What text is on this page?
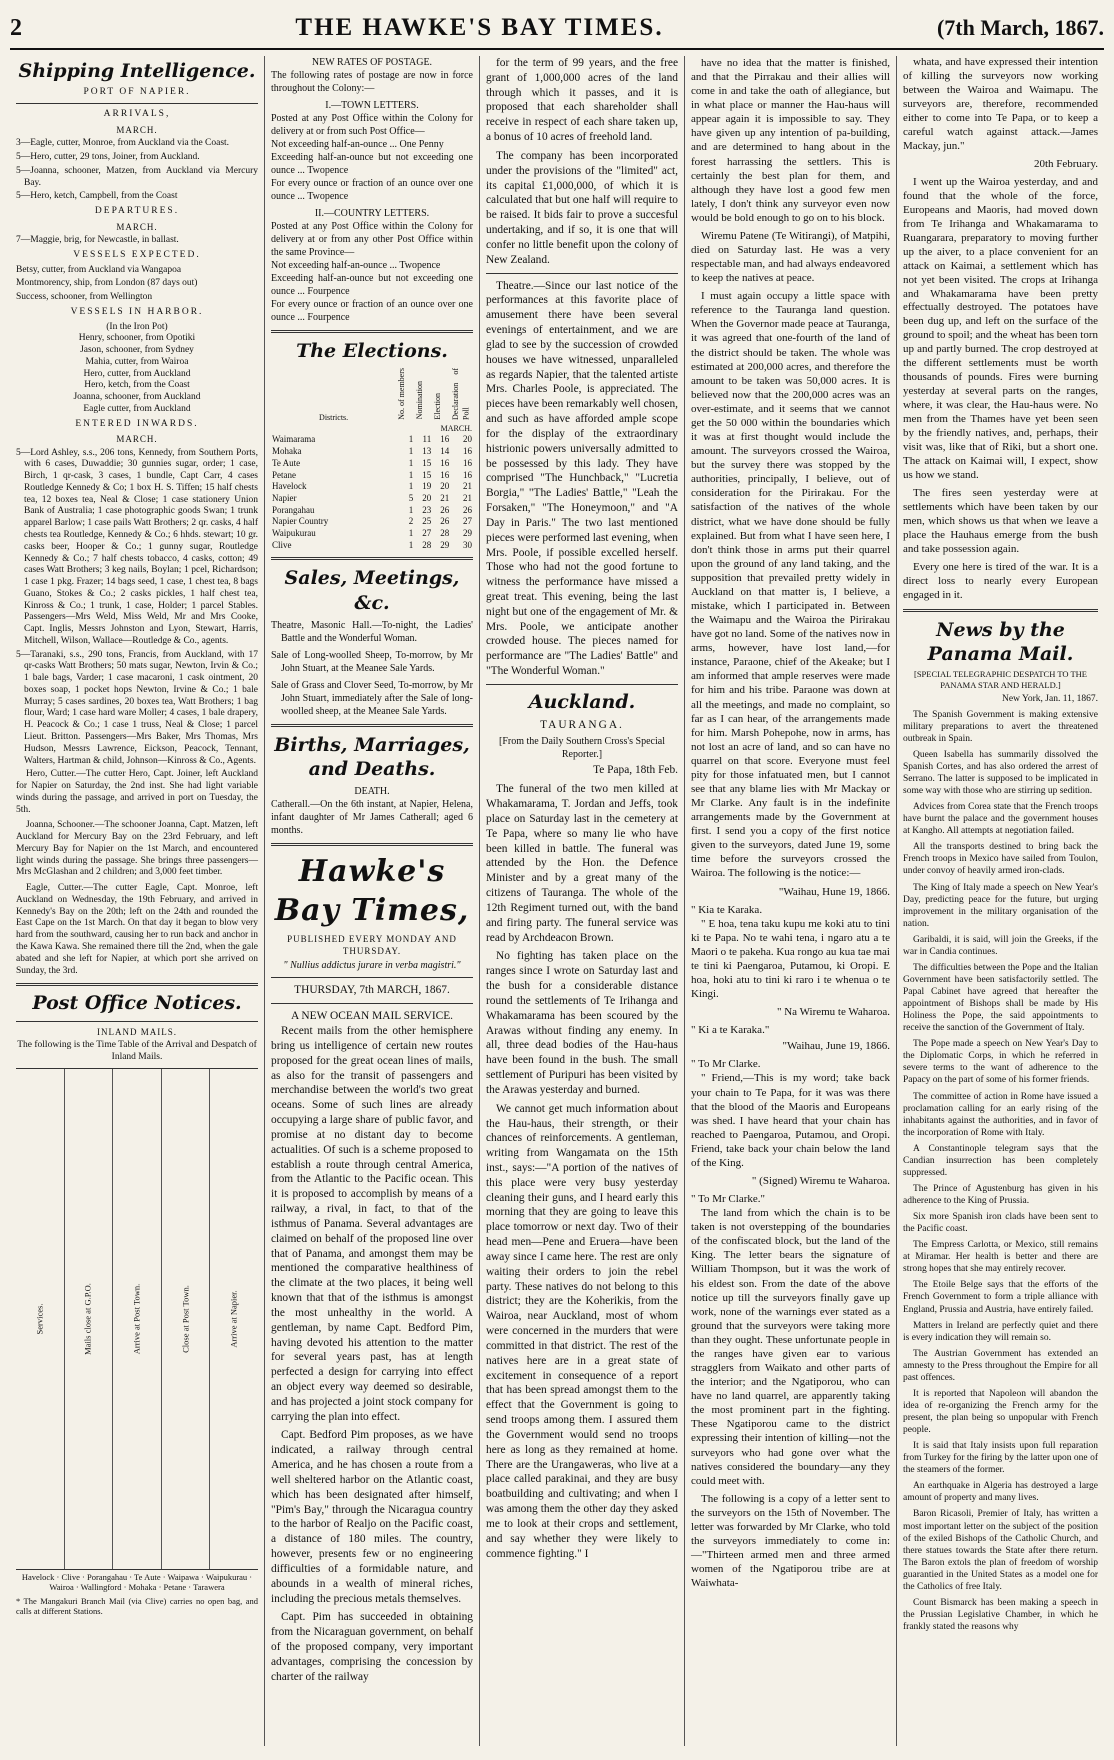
2	THE HAWKE'S BAY TIMES.	(7th March, 1867.
Shipping Intelligence.
PORT OF NAPIER.
ARRIVALS,
MARCH.

3—Eagle, cutter, Monroe, from Auckland via the Coast.

5—Hero, cutter, 29 tons, Joiner, from Auckland.

5—Joanna, schooner, Matzen, from Auckland via Mercury Bay.

5—Hero, ketch, Campbell, from the Coast

DEPARTURES.
MARCH.

7—Maggie, brig, for Newcastle, in ballast.

VESSELS EXPECTED.

Betsy, cutter, from Auckland via Wangapoa

Montmorency, ship, from London (87 days out)

Success, schooner, from Wellington

VESSELS IN HARBOR.
(In the Iron Pot)
Henry, schooner, from Opotiki
Jason, schooner, from Sydney
Mahia, cutter, from Wairoa
Hero, cutter, from Auckland
Hero, ketch, from the Coast
Joanna, schooner, from Auckland
Eagle cutter, from Auckland
ENTERED INWARDS.
MARCH.

5—Lord Ashley, s.s., 206 tons, Kennedy, from Southern Ports, with 6 cases, Duwaddie; 30 gunnies sugar, order; 1 case, Birch, 1 qr-cask, 3 cases, 1 bundle, Capt Carr, 4 cases Routledge Kennedy & Co; 1 box H. S. Tiffen; 15 half chests tea, 12 boxes tea, Neal & Close; 1 case stationery Union Bank of Australia; 1 case photographic goods Swan; 1 trunk apparel Barlow; 1 case pails Watt Brothers; 2 qr. casks, 4 half chests tea Routledge, Kennedy & Co.; 6 hhds. stewart; 10 gr. casks beer, Hooper & Co.; 1 gunny sugar, Routledge Kennedy & Co.; 7 half chests tobacco, 4 casks, cotton; 49 cases Watt Brothers; 3 keg nails, Boylan; 1 pcel, Richardson; 1 case 1 pkg. Frazer; 14 bags seed, 1 case, 1 chest tea, 8 bags Guano, Stokes & Co.; 2 casks pickles, 1 half chest tea, Kinross & Co.; 1 trunk, 1 case, Holder; 1 parcel Stables. Passengers—Mrs Weld, Miss Weld, Mr and Mrs Cooke, Capt. Inglis, Messrs Johnston and Lyon, Stewart, Harris, Mitchell, Wilson, Wallace—Routledge & Co., agents.

5—Taranaki, s.s., 290 tons, Francis, from Auckland, with 17 qr-casks Watt Brothers; 50 mats sugar, Newton, Irvin & Co.; 1 bale bags, Varder; 1 case macaroni, 1 cask ointment, 20 boxes soap, 1 pocket hops Newton, Irvine & Co.; 1 bale Murray; 5 cases sardines, 20 boxes tea, Watt Brothers; 1 bag flour, Ward; 1 case hard ware Moller; 4 cases, 1 bale drapery, H. Peacock & Co.; 1 case 1 truss, Neal & Close; 1 parcel Lieut. Britton. Passengers—Mrs Baker, Mrs Thomas, Mrs Hudson, Messrs Lawrence, Eickson, Peacock, Tennant, Walters, Hartman & child, Johnson—Kinross & Co., Agents.

Hero, Cutter.—The cutter Hero, Capt. Joiner, left Auckland for Napier on Saturday, the 2nd inst. She had light variable winds during the passage, and arrived in port on Tuesday, the 5th.

Joanna, Schooner.—The schooner Joanna, Capt. Matzen, left Auckland for Mercury Bay on the 23rd February, and left Mercury Bay for Napier on the 1st March, and encountered light winds during the passage. She brings three passengers—Mrs McGlashan and 2 children; and 3,000 feet timber.

Eagle, Cutter.—The cutter Eagle, Capt. Monroe, left Auckland on Wednesday, the 19th February, and arrived in Kennedy's Bay on the 20th; left on the 24th and rounded the East Cape on the 1st March. On that day it began to blow very hard from the southward, causing her to run back and anchor in the Kawa Kawa. She remained there till the 2nd, when the gale abated and she left for Napier, at which port she arrived on Sunday, the 3rd.

Post Office Notices.
INLAND MAILS.
The following is the Time Table of the Arrival and Despatch of Inland Mails.
Services.	Mails close at G.P.O.	Arrive at Post Town.	Close at Post Town.	Arrive at Napier.
Havelock · Clive · Porangahau · Te Aute · Waipawa · Waipukurau · Wairoa · Wallingford · Mohaka · Petane · Tarawera
* The Mangakuri Branch Mail (via Clive) carries no open bag, and calls at different Stations.
NEW RATES OF POSTAGE.
The following rates of postage are now in force throughout the Colony:—
I.—TOWN LETTERS.
Posted at any Post Office within the Colony for delivery at or from such Post Office—
Not exceeding half-an-ounce ... One Penny
Exceeding half-an-ounce but not exceeding one ounce ... Twopence
For every ounce or fraction of an ounce over one ounce ... Twopence
II.—COUNTRY LETTERS.
Posted at any Post Office within the Colony for delivery at or from any other Post Office within the same Province—
Not exceeding half-an-ounce ... Twopence
Exceeding half-an-ounce but not exceeding one ounce ... Fourpence
For every ounce or fraction of an ounce over one ounce ... Fourpence
The Elections.
Districts.	No. of members	Nomination	Election	Declaration of Poll
	MARCH.			
Waimarama	1	11	16	20
Mohaka	1	13	14	16
Te Aute	1	15	16	16
Petane	1	15	16	16
Havelock	1	19	20	21
Napier	5	20	21	21
Porangahau	1	23	26	26
Napier Country	2	25	26	27
Waipukurau	1	27	28	29
Clive	1	28	29	30
Sales, Meetings, &c.

Theatre, Masonic Hall.—To-night, the Ladies' Battle and the Wonderful Woman.

Sale of Long-woolled Sheep, To-morrow, by Mr John Stuart, at the Meanee Sale Yards.

Sale of Grass and Clover Seed, To-morrow, by Mr John Stuart, immediately after the Sale of long-woolled sheep, at the Meanee Sale Yards.

Births, Marriages, and Deaths.
DEATH.
Catherall.—On the 6th instant, at Napier, Helena, infant daughter of Mr James Catherall; aged 6 months.
Hawke's Bay Times,
PUBLISHED EVERY MONDAY AND THURSDAY.
" Nullius addictus jurare in verba magistri."
THURSDAY, 7th MARCH, 1867.
A NEW OCEAN MAIL SERVICE.

Recent mails from the other hemisphere bring us intelligence of certain new routes proposed for the great ocean lines of mails, as also for the transit of passengers and merchandise between the world's two great oceans. Some of such lines are already occupying a large share of public favor, and promise at no distant day to become actualities. Of such is a scheme proposed to establish a route through central America, from the Atlantic to the Pacific ocean. This it is proposed to accomplish by means of a railway, a rival, in fact, to that of the isthmus of Panama. Several advantages are claimed on behalf of the proposed line over that of Panama, and amongst them may be mentioned the comparative healthiness of the climate at the two places, it being well known that that of the isthmus is amongst the most unhealthy in the world. A gentleman, by name Capt. Bedford Pim, having devoted his attention to the matter for several years past, has at length perfected a design for carrying into effect an object every way deemed so desirable, and has projected a joint stock company for carrying the plan into effect.

Capt. Bedford Pim proposes, as we have indicated, a railway through central America, and he has chosen a route from a well sheltered harbor on the Atlantic coast, which has been designated after himself, "Pim's Bay," through the Nicaragua country to the harbor of Realjo on the Pacific coast, a distance of 180 miles. The country, however, presents few or no engineering difficulties of a formidable nature, and abounds in a wealth of mineral riches, including the precious metals themselves.

Capt. Pim has succeeded in obtaining from the Nicaraguan government, on behalf of the proposed company, very important advantages, comprising the concession by charter of the railway

for the term of 99 years, and the free grant of 1,000,000 acres of the land through which it passes, and it is proposed that each shareholder shall receive in respect of each share taken up, a bonus of 10 acres of freehold land.

The company has been incorporated under the provisions of the "limited" act, its capital £1,000,000, of which it is calculated that but one half will require to be raised. It bids fair to prove a succesful undertaking, and if so, it is one that will confer no little benefit upon the colony of New Zealand.

Theatre.—Since our last notice of the performances at this favorite place of amusement there have been several evenings of entertainment, and we are glad to see by the succession of crowded houses we have witnessed, unparalleled as regards Napier, that the talented artiste Mrs. Charles Poole, is appreciated. The pieces have been remarkably well chosen, and such as have afforded ample scope for the display of the extraordinary histrionic powers universally admitted to be possessed by this lady. They have comprised "The Hunchback," "Lucretia Borgia," "The Ladies' Battle," "Leah the Forsaken," "The Honeymoon," and "A Day in Paris." The two last mentioned pieces were performed last evening, when Mrs. Poole, if possible excelled herself. Those who had not the good fortune to witness the performance have missed a great treat. This evening, being the last night but one of the engagement of Mr. & Mrs. Poole, we anticipate another crowded house. The pieces named for performance are "The Ladies' Battle" and "The Wonderful Woman."

Auckland.
TAURANGA.
[From the Daily Southern Cross's Special Reporter.]
Te Papa, 18th Feb.

The funeral of the two men killed at Whakamarama, T. Jordan and Jeffs, took place on Saturday last in the cemetery at Te Papa, where so many lie who have been killed in battle. The funeral was attended by the Hon. the Defence Minister and by a great many of the citizens of Tauranga. The whole of the 12th Regiment turned out, with the band and firing party. The funeral service was read by Archdeacon Brown.

No fighting has taken place on the ranges since I wrote on Saturday last and the bush for a considerable distance round the settlements of Te Irihanga and Whakamarama has been scoured by the Arawas without finding any enemy. In all, three dead bodies of the Hau-haus have been found in the bush. The small settlement of Puripuri has been visited by the Arawas yesterday and burned.

We cannot get much information about the Hau-haus, their strength, or their chances of reinforcements. A gentleman, writing from Wangamata on the 15th inst., says:—"A portion of the natives of this place were very busy yesterday cleaning their guns, and I heard early this morning that they are going to leave this place tomorrow or next day. Two of their head men—Pene and Eruera—have been away since I came here. The rest are only waiting their orders to join the rebel party. These natives do not belong to this district; they are the Koherikis, from the Wairoa, near Auckland, most of whom were concerned in the murders that were committed in that district. The rest of the natives here are in a great state of excitement in consequence of a report that has been spread amongst them to the effect that the Government is going to send troops among them. I assured them the Government would send no troops here as long as they remained at home. There are the Urangaweras, who live at a place called parakinai, and they are busy boatbuilding and cultivating; and when I was among them the other day they asked me to look at their crops and settlement, and say whether they were likely to commence fighting." I

have no idea that the matter is finished, and that the Pirrakau and their allies will come in and take the oath of allegiance, but in what place or manner the Hau-haus will appear again it is impossible to say. They have given up any intention of pa-building, and are determined to hang about in the forest harrassing the settlers. This is certainly the best plan for them, and although they have lost a good few men lately, I don't think any surveyor even now would be bold enough to go on to his block.

Wiremu Patene (Te Witirangi), of Matpihi, died on Saturday last. He was a very respectable man, and had always endeavored to keep the natives at peace.

I must again occupy a little space with reference to the Tauranga land question. When the Governor made peace at Tauranga, it was agreed that one-fourth of the land of the district should be taken. The whole was estimated at 200,000 acres, and therefore the amount to be taken was 50,000 acres. It is believed now that the 200,000 acres was an over-estimate, and it seems that we cannot get the 50 000 within the boundaries which it was at first thought would include the amount. The surveyors crossed the Wairoa, but the survey there was stopped by the authorities, principally, I believe, out of consideration for the Pirirakau. For the satisfaction of the natives of the whole district, what we have done should be fully explained. But from what I have seen here, I don't think those in arms put their quarrel upon the ground of any land taking, and the supposition that prevailed pretty widely in Auckland on that matter is, I believe, a mistake, which I participated in. Between the Waimapu and the Wairoa the Pirirakau have got no land. Some of the natives now in arms, however, have lost land,—for instance, Paraone, chief of the Akeake; but I am informed that ample reserves were made for him and his tribe. Paraone was down at all the meetings, and made no complaint, so far as I can hear, of the arrangements made for him. Marsh Pohepohe, now in arms, has not lost an acre of land, and so can have no quarrel on that score. Everyone must feel pity for those infatuated men, but I cannot see that any blame lies with Mr Mackay or Mr Clarke. Any fault is in the indefinite arrangements made by the Government at first. I send you a copy of the first notice given to the surveyors, dated June 19, some time before the surveyors crossed the Wairoa. The following is the notice:—

"Waihau, Hune 19, 1866.
" Kia te Karaka.

" E hoa, tena taku kupu me koki atu to tini ki te Papa. No te wahi tena, i ngaro atu a te Maori o te pakeha. Kua rongo au kua tae mai te tini ki Paengaroa, Putamou, ki Oropi. E hoa, hoki atu to tini ki raro i te whenua o te Kingi.

" Na Wiremu te Waharoa.
" Ki a te Karaka."
"Waihau, June 19, 1866.
" To Mr Clarke.

" Friend,—This is my word; take back your chain to Te Papa, for it was was there that the blood of the Maoris and Europeans was shed. I have heard that your chain has reached to Paengaroa, Putamou, and Oropi. Friend, take back your chain below the land of the King.

" (Signed) Wiremu te Waharoa.
" To Mr Clarke."

The land from which the chain is to be taken is not overstepping of the boundaries of the confiscated block, but the land of the King. The letter bears the signature of William Thompson, but it was the work of his eldest son. From the date of the above notice up till the surveyors finally gave up work, none of the warnings ever stated as a ground that the surveyors were taking more than they ought. These unfortunate people in the ranges have given ear to various stragglers from Waikato and other parts of the interior; and the Ngatiporou, who can have no land quarrel, are apparently taking the most prominent part in the fighting. These Ngatiporou came to the district expressing their intention of killing—not the surveyors who had gone over what the natives considered the boundary—any they could meet with.

The following is a copy of a letter sent to the surveyors on the 15th of November. The letter was forwarded by Mr Clarke, who told the surveyors immediately to come in:—"Thirteen armed men and three armed women of the Ngatiporou tribe are at Waiwhata-

whata, and have expressed their intention of killing the surveyors now working between the Wairoa and Waimapu. The surveyors are, therefore, recommended either to come into Te Papa, or to keep a careful watch against attack.—James Mackay, jun."

20th February.

I went up the Wairoa yesterday, and and found that the whole of the force, Europeans and Maoris, had moved down from Te Irihanga and Whakamarama to Ruangarara, preparatory to moving further up the aiver, to a place convenient for an attack on Kaimai, a settlement which has not yet been visited. The crops at Irihanga and Whakamarama have been pretty effectually destroyed. The potatoes have been dug up, and left on the surface of the ground to spoil; and the wheat has been torn up and partly burned. The crop destroyed at the different settlements must be worth thousands of pounds. Fires were burning yesterday at several parts on the ranges, where, it was clear, the Hau-haus were. No men from the Thames have yet been seen by the friendly natives, and, perhaps, their visit was, like that of Riki, but a short one. The attack on Kaimai will, I expect, show us how we stand.

The fires seen yesterday were at settlements which have been taken by our men, which shows us that when we leave a place the Hauhaus emerge from the bush and take possession again.

Every one here is tired of the war. It is a direct loss to nearly every European engaged in it.

News by the Panama Mail.
[SPECIAL TELEGRAPHIC DESPATCH TO THE PANAMA STAR AND HERALD.]
New York, Jan. 11, 1867.

The Spanish Government is making extensive military preparations to avert the threatened outbreak in Spain.

Queen Isabella has summarily dissolved the Spanish Cortes, and has also ordered the arrest of Serrano. The latter is supposed to be implicated in some way with those who are stirring up sedition.

Advices from Corea state that the French troops have burnt the palace and the government houses at Kangho. All attempts at negotiation failed.

All the transports destined to bring back the French troops in Mexico have sailed from Toulon, under convoy of heavily armed iron-clads.

The King of Italy made a speech on New Year's Day, predicting peace for the future, but urging improvement in the military organisation of the nation.

Garibaldi, it is said, will join the Greeks, if the war in Candia continues.

The difficulties between the Pope and the Italian Government have been satisfactorily settled. The Papal Cabinet have agreed that hereafter the appointment of Bishops shall be made by His Holiness the Pope, the said appointments to receive the sanction of the Government of Italy.

The Pope made a speech on New Year's Day to the Diplomatic Corps, in which he referred in severe terms to the want of adherence to the Papacy on the part of some of his former friends.

The committee of action in Rome have issued a proclamation calling for an early rising of the inhabitants against the authorities, and in favor of the incorporation of Rome with Italy.

A Constantinople telegram says that the Candian insurrection has been completely suppressed.

The Prince of Agustenburg has given in his adherence to the King of Prussia.

Six more Spanish iron clads have been sent to the Pacific coast.

The Empress Carlotta, or Mexico, still remains at Miramar. Her health is better and there are strong hopes that she may entirely recover.

The Etoile Belge says that the efforts of the French Government to form a triple alliance with England, Prussia and Austria, have entirely failed.

Matters in Ireland are perfectly quiet and there is every indication they will remain so.

The Austrian Government has extended an amnesty to the Press throughout the Empire for all past offences.

It is reported that Napoleon will abandon the idea of re-organizing the French army for the present, the plan being so unpopular with French people.

It is said that Italy insists upon full reparation from Turkey for the firing by the latter upon one of the steamers of the former.

An earthquake in Algeria has destroyed a large amount of property and many lives.

Baron Ricasoli, Premier of Italy, has written a most important letter on the subject of the position of the exiled Bishops of the Catholic Church, and there statues towards the State after there return. The Baron extols the plan of freedom of worship guarantied in the United States as a model one for the Catholics of free Italy.

Count Bismarck has been making a speech in the Prussian Legislative Chamber, in which he frankly stated the reasons why
